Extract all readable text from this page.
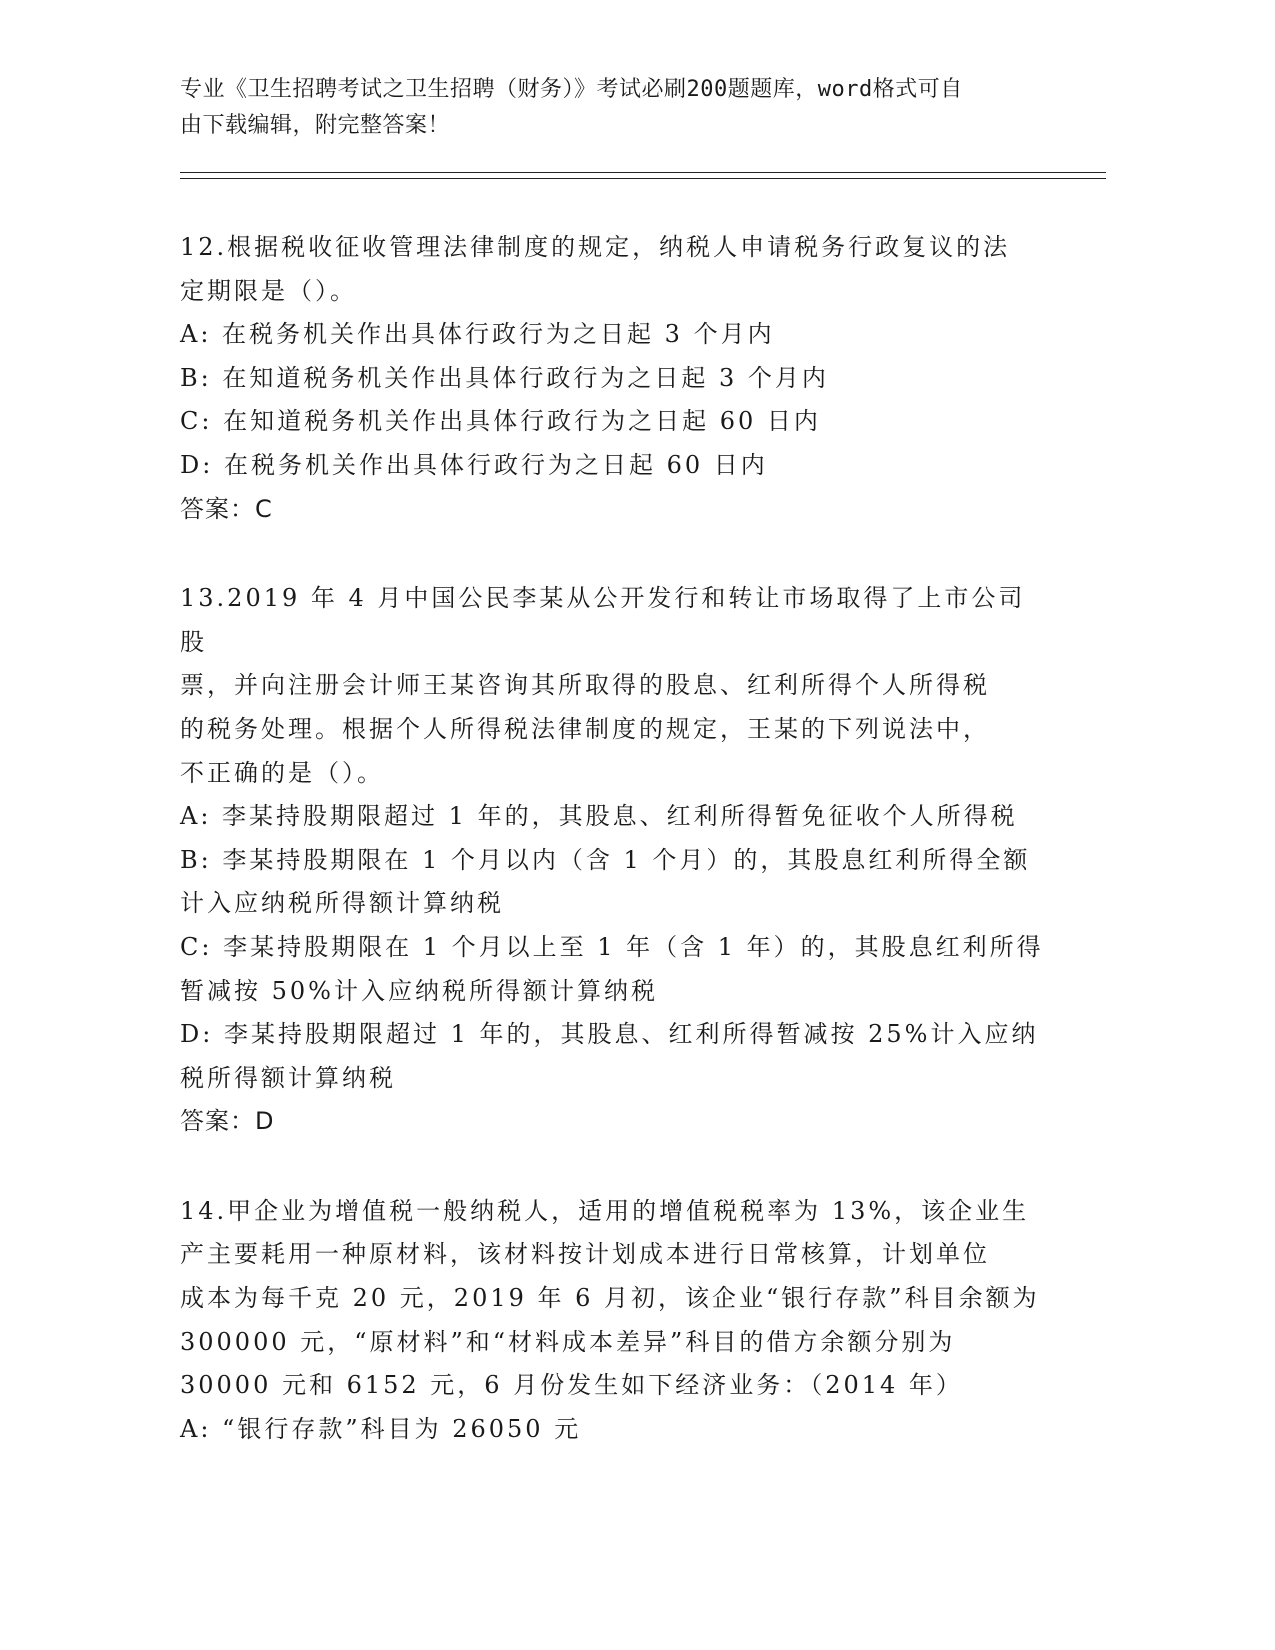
专业《卫生招聘考试之卫生招聘（财务）》考试必刷200题题库，word格式可自
由下载编辑，附完整答案！
12.根据税收征收管理法律制度的规定，纳税人申请税务行政复议的法
定期限是（）。
A: 在税务机关作出具体行政行为之日起 3 个月内
B: 在知道税务机关作出具体行政行为之日起 3 个月内
C: 在知道税务机关作出具体行政行为之日起 60 日内
D: 在税务机关作出具体行政行为之日起 60 日内
答案：C
13.2019 年 4 月中国公民李某从公开发行和转让市场取得了上市公司股
票，并向注册会计师王某咨询其所取得的股息、红利所得个人所得税
的税务处理。根据个人所得税法律制度的规定，王某的下列说法中，
不正确的是（）。
A: 李某持股期限超过 1 年的，其股息、红利所得暂免征收个人所得税
B: 李某持股期限在 1 个月以内（含 1 个月）的，其股息红利所得全额
计入应纳税所得额计算纳税
C: 李某持股期限在 1 个月以上至 1 年（含 1 年）的，其股息红利所得
暂减按 50%计入应纳税所得额计算纳税
D: 李某持股期限超过 1 年的，其股息、红利所得暂减按 25%计入应纳
税所得额计算纳税
答案：D
14.甲企业为增值税一般纳税人，适用的增值税税率为 13%，该企业生
产主要耗用一种原材料，该材料按计划成本进行日常核算，计划单位
成本为每千克 20 元，2019 年 6 月初，该企业“银行存款”科目余额为
300000 元，“原材料”和“材料成本差异”科目的借方余额分别为
30000 元和 6152 元，6 月份发生如下经济业务：（2014 年）
A: “银行存款”科目为 26050 元
